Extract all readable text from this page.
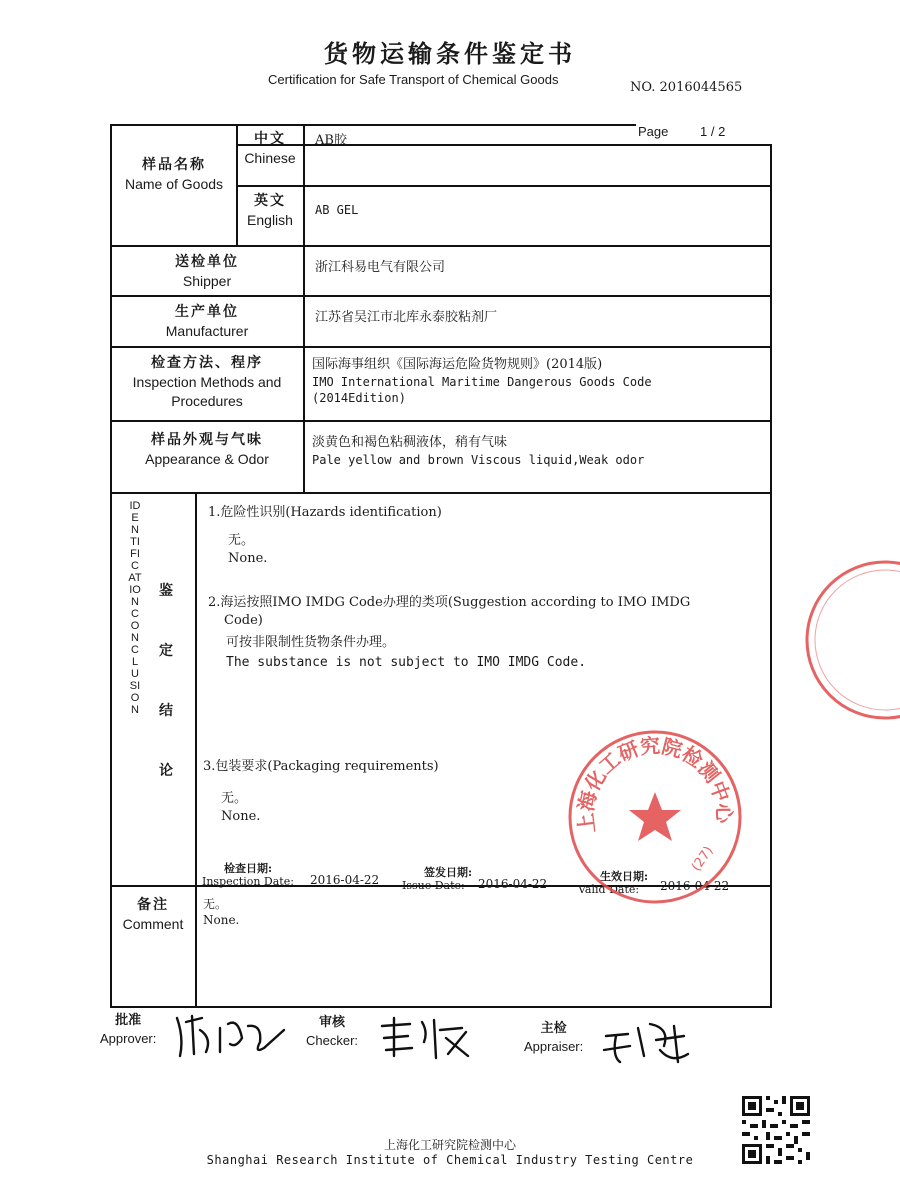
货物运输条件鉴定书
Certification for Safe Transport of Chemical Goods
NO. 2016044565
Page 1 / 2
样品名称
Name of Goods
中文
Chinese
AB胶
英文
English
AB GEL
送检单位
Shipper
浙江科易电气有限公司
生产单位
Manufacturer
江苏省吴江市北库永泰胶粘剂厂
检查方法、程序
Inspection Methods and
Procedures
国际海事组织《国际海运危险货物规则》(2014版)
IMO International Maritime Dangerous Goods Code
(2014Edition)
样品外观与气味
Appearance & Odor
淡黄色和褐色粘稠液体，稍有气味
Pale yellow and brown Viscous liquid,Weak odor
IDENTIFICATION CONCLUSION
鉴
定
结
论
1.危险性识别(Hazards identification)
无。
None.
2.海运按照IMO IMDG Code办理的类项(Suggestion according to IMO IMDG
Code)
可按非限制性货物条件办理。
The substance is not subject to IMO IMDG Code.
3.包装要求(Packaging requirements)
无。
None.
检查日期:
Inspection Date: 2016-04-22
签发日期:
Issue Date:	2016-04-22
生效日期:
Valid Date:	2016-04-22
备注
Comment
无。
None.
上海化工研究院检测中心
(27)
批准
Approver:
审核
Checker:
主检
Appraiser:
上海化工研究院检测中心
Shanghai Research Institute of Chemical Industry Testing Centre
